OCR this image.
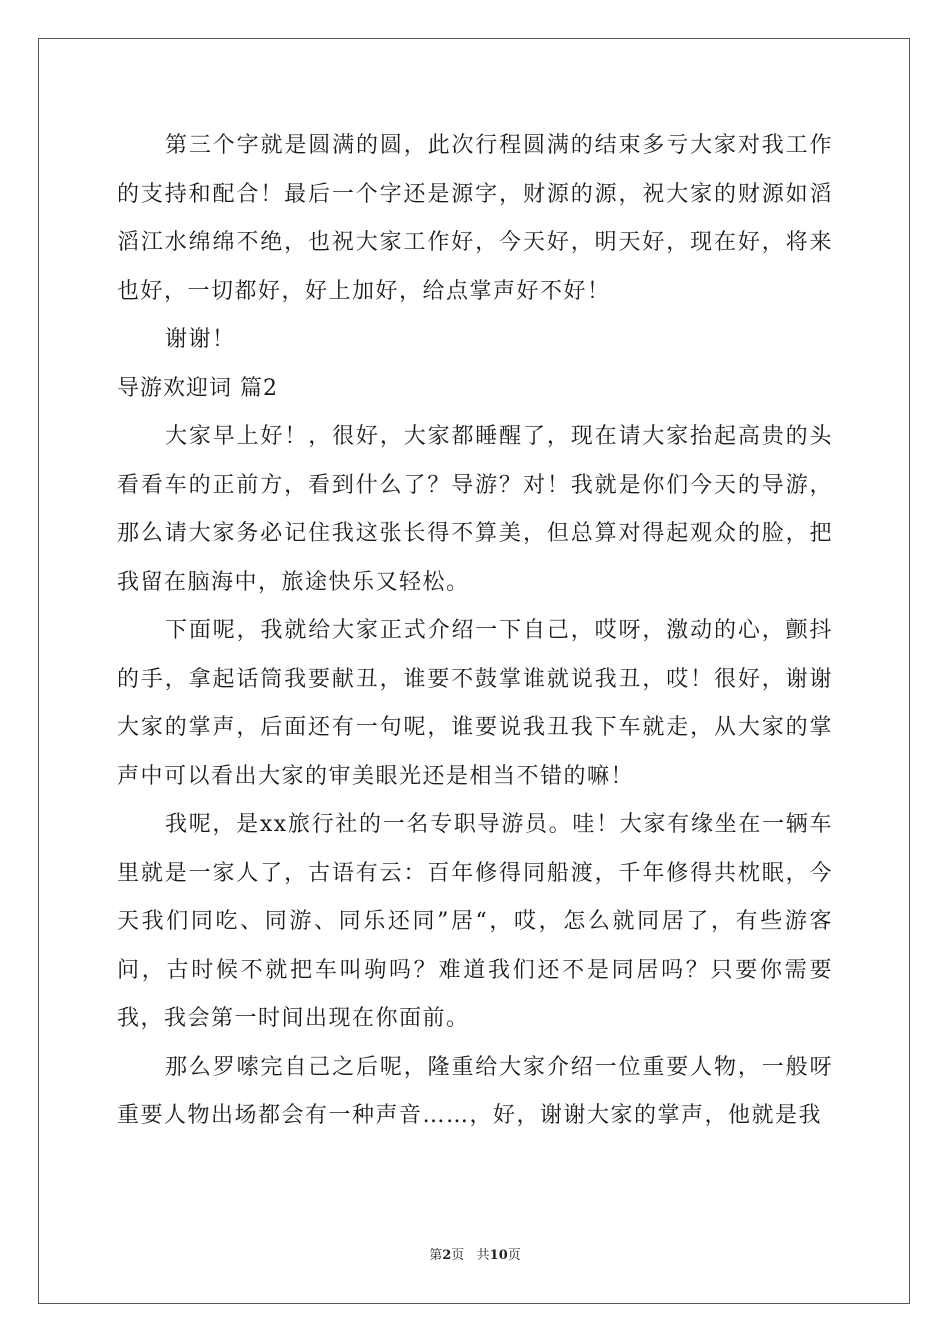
第三个字就是圆满的圆，此次行程圆满的结束多亏大家对我工作的支持和配合！最后一个字还是源字，财源的源，祝大家的财源如滔滔江水绵绵不绝，也祝大家工作好，今天好，明天好，现在好，将来也好，一切都好，好上加好，给点掌声好不好！

谢谢！

导游欢迎词 篇2

大家早上好！，很好，大家都睡醒了，现在请大家抬起高贵的头看看车的正前方，看到什么了？导游？对！我就是你们今天的导游，那么请大家务必记住我这张长得不算美，但总算对得起观众的脸，把我留在脑海中，旅途快乐又轻松。

下面呢，我就给大家正式介绍一下自己，哎呀，激动的心，颤抖的手，拿起话筒我要献丑，谁要不鼓掌谁就说我丑，哎！很好，谢谢大家的掌声，后面还有一句呢，谁要说我丑我下车就走，从大家的掌声中可以看出大家的审美眼光还是相当不错的嘛！

我呢，是xx旅行社的一名专职导游员。哇！大家有缘坐在一辆车里就是一家人了，古语有云：百年修得同船渡，千年修得共枕眠，今天我们同吃、同游、同乐还同”居“，哎，怎么就同居了，有些游客问，古时候不就把车叫驹吗？难道我们还不是同居吗？只要你需要我，我会第一时间出现在你面前。

那么罗嗦完自己之后呢，隆重给大家介绍一位重要人物，一般呀重要人物出场都会有一种声音……，好，谢谢大家的掌声，他就是我

第2页   共10页
